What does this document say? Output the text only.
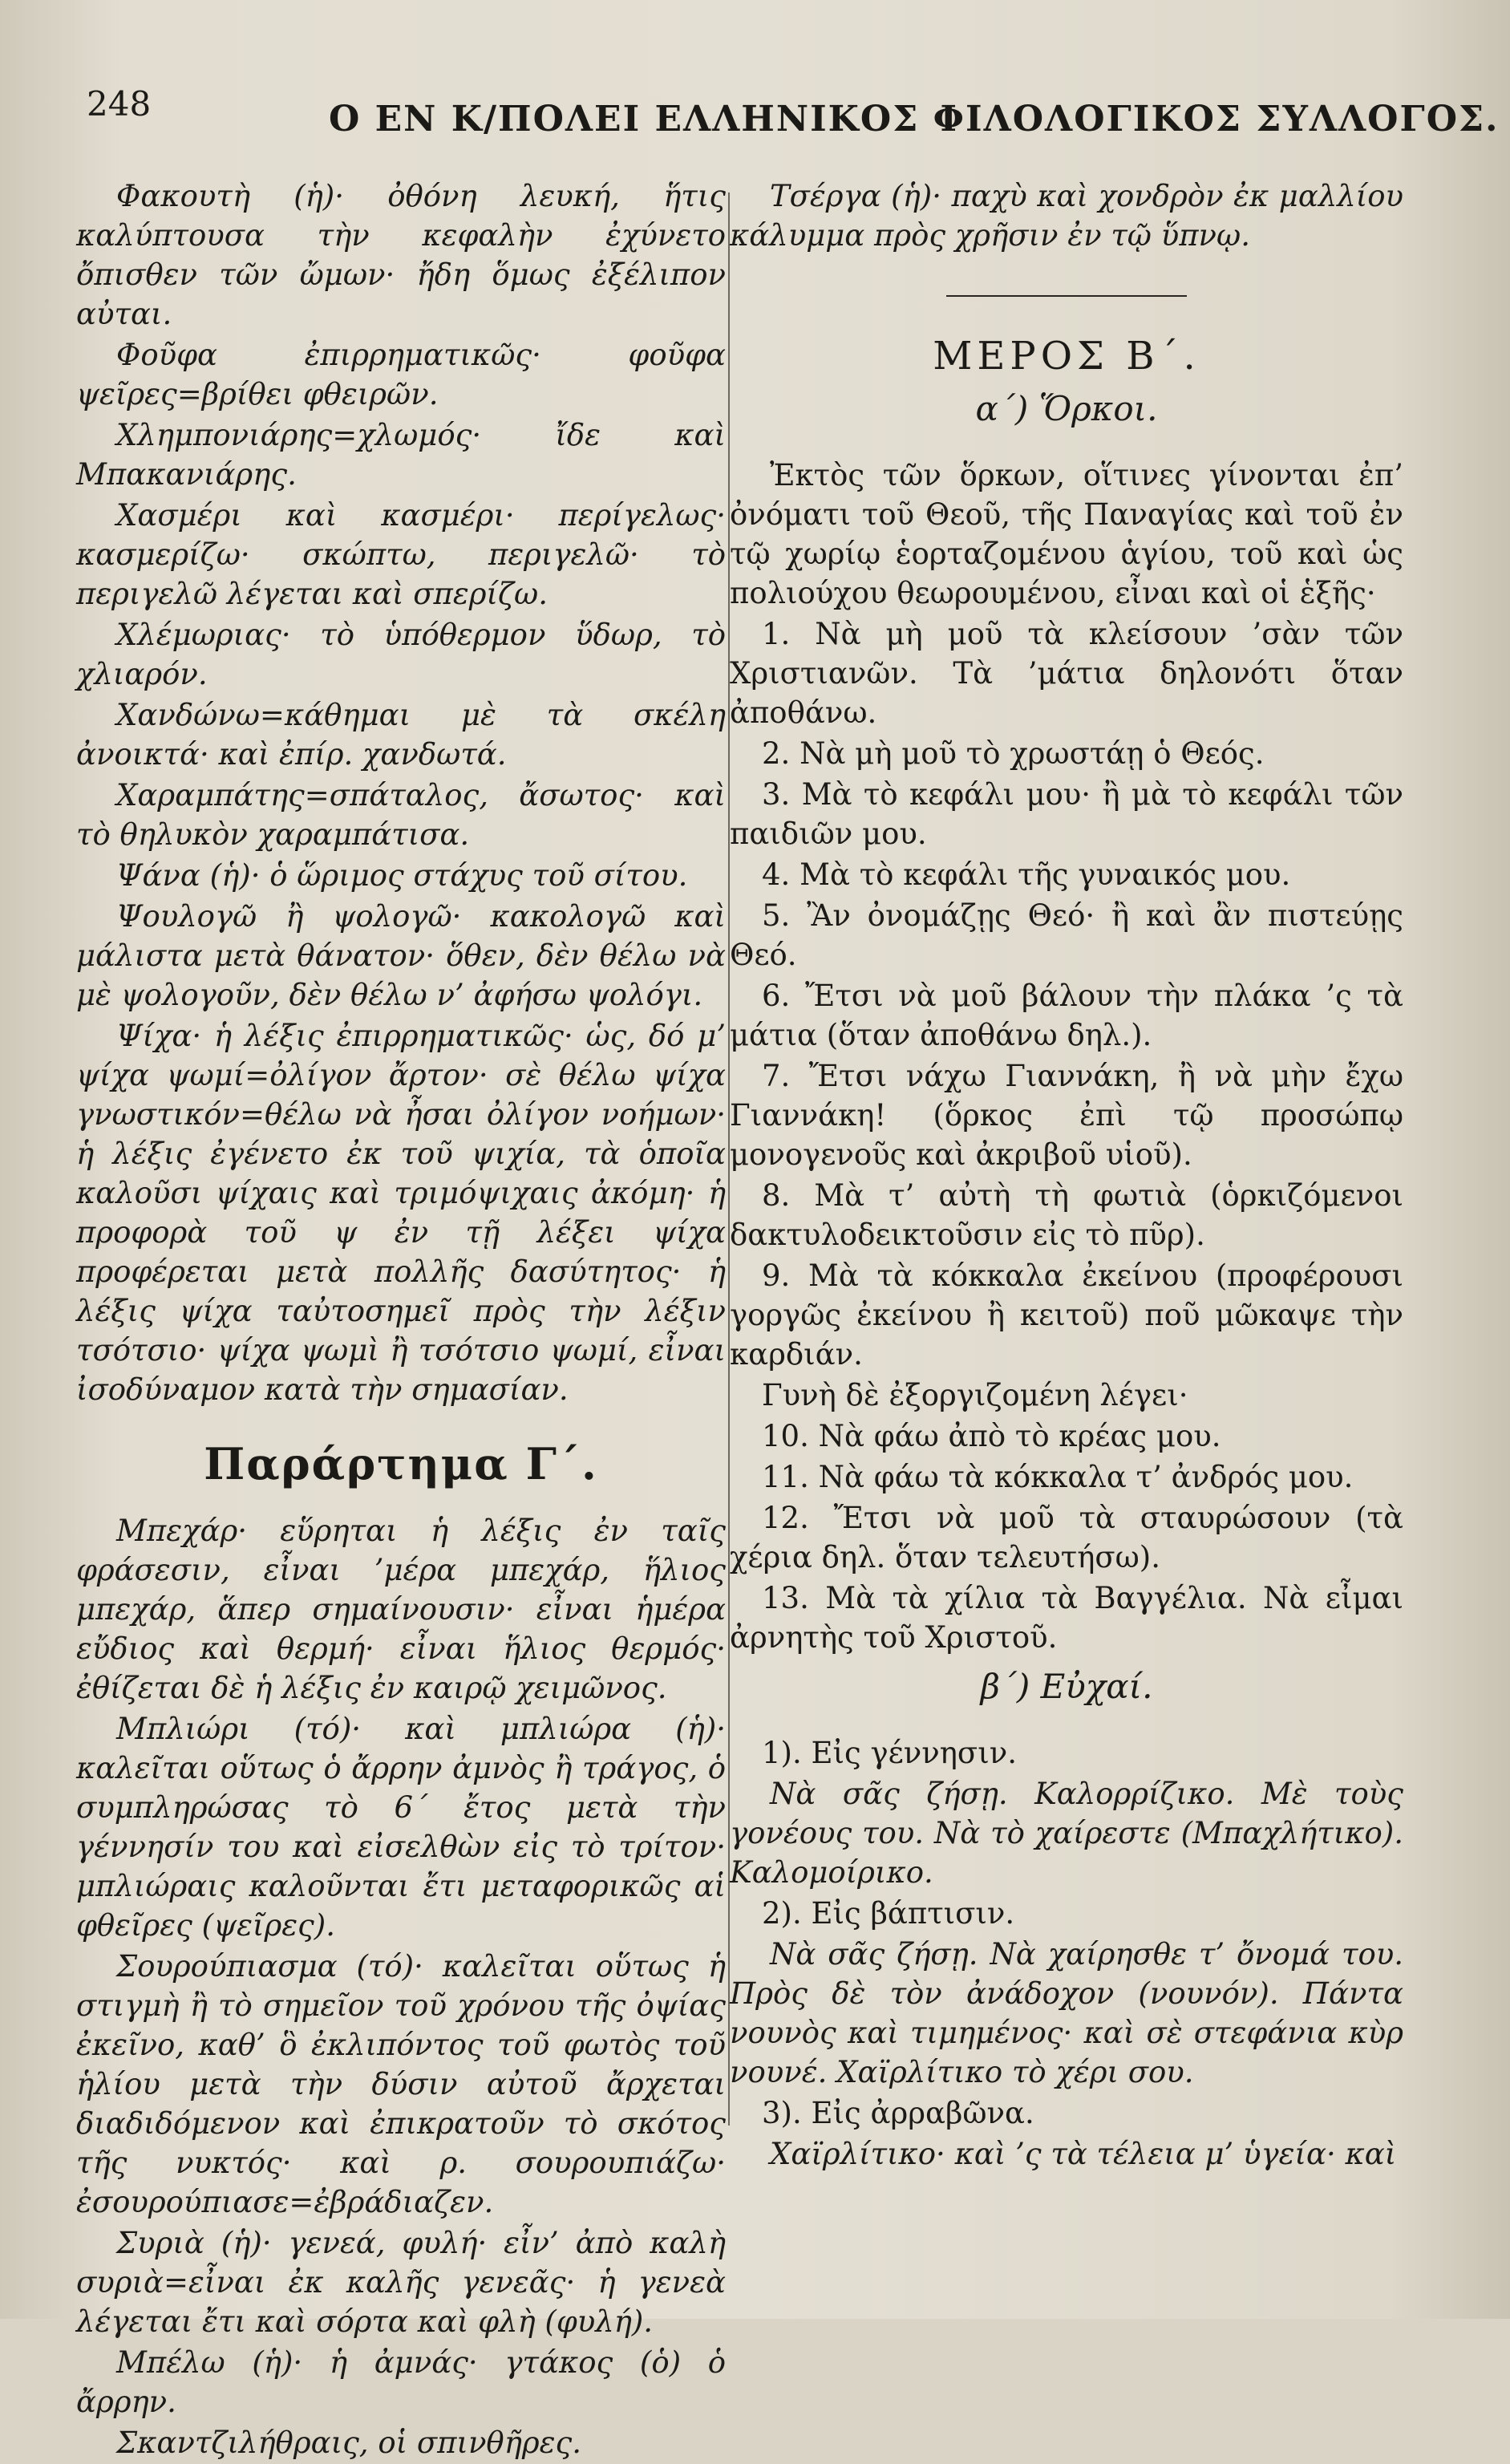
248	Ο ΕΝ Κ/ΠΟΛΕΙ ΕΛΛΗΝΙΚΟΣ ΦΙΛΟΛΟΓΙΚΟΣ ΣΥΛΛΟΓΟΣ.

Φακουτὴ (ἡ)· ὀθόνη λευκή, ἥτις καλύπτουσα τὴν κεφαλὴν ἐχύνετο ὄπισθεν τῶν ὤμων· ἤδη ὅμως ἐξέλιπον αὐται.

Φοῦφα ἐπιρρηματικῶς· φοῦφα ψεῖρες=βρίθει φθειρῶν.

Χλημπονιάρης=χλωμός· ἴδε καὶ Μπακανιάρης.

Χασμέρι καὶ κασμέρι· περίγελως· κασμερίζω· σκώπτω, περιγελῶ· τὸ περιγελῶ λέγεται καὶ σπερίζω.

Χλέμωριας· τὸ ὑπόθερμον ὕδωρ, τὸ χλιαρόν.

Χανδώνω=κάθημαι μὲ τὰ σκέλη ἀνοικτά· καὶ ἐπίρ. χανδωτά.

Χαραμπάτης=σπάταλος, ἄσωτος· καὶ τὸ θηλυκὸν χαραμπάτισα.

Ψάνα (ἡ)· ὁ ὥριμος στάχυς τοῦ σίτου.

Ψουλογῶ ἢ ψολογῶ· κακολογῶ καὶ μάλιστα μετὰ θάνατον· ὅθεν, δὲν θέλω νὰ μὲ ψολογοῦν, δὲν θέλω ν’ ἀφήσω ψολόγι.

Ψίχα· ἡ λέξις ἐπιρρηματικῶς· ὡς, δό μ’ ψίχα ψωμί=ὀλίγον ἄρτον· σὲ θέλω ψίχα γνωστικόν=θέλω νὰ ἦσαι ὀλίγον νοήμων· ἡ λέξις ἐγένετο ἐκ τοῦ ψιχία, τὰ ὁποῖα καλοῦσι ψίχαις καὶ τριμόψιχαις ἀκόμη· ἡ προφορὰ τοῦ ψ ἐν τῇ λέξει ψίχα προφέρεται μετὰ πολλῆς δασύτητος· ἡ λέξις ψίχα ταὐτοσημεῖ πρὸς τὴν λέξιν τσότσιο· ψίχα ψωμὶ ἢ τσότσιο ψωμί, εἶναι ἰσοδύναμον κατὰ τὴν σημασίαν.

Παράρτημα Γ΄.

Μπεχάρ· εὕρηται ἡ λέξις ἐν ταῖς φράσεσιν, εἶναι ’μέρα μπεχάρ, ἥλιος μπεχάρ, ἅπερ σημαίνουσιν· εἶναι ἡμέρα εὔδιος καὶ θερμή· εἶναι ἥλιος θερμός· ἐθίζεται δὲ ἡ λέξις ἐν καιρῷ χειμῶνος.

Μπλιώρι (τό)· καὶ μπλιώρα (ἡ)· καλεῖται οὕτως ὁ ἄρρην ἀμνὸς ἢ τράγος, ὁ συμπληρώσας τὸ 6΄ ἔτος μετὰ τὴν γέννησίν του καὶ εἰσελθὼν εἰς τὸ τρίτον· μπλιώραις καλοῦνται ἔτι μεταφορικῶς αἱ φθεῖρες (ψεῖρες).

Σουρούπιασμα (τό)· καλεῖται οὕτως ἡ στιγμὴ ἢ τὸ σημεῖον τοῦ χρόνου τῆς ὀψίας ἐκεῖνο, καθ’ ὃ ἐκλιπόντος τοῦ φωτὸς τοῦ ἡλίου μετὰ τὴν δύσιν αὐτοῦ ἄρχεται διαδιδόμενον καὶ ἐπικρατοῦν τὸ σκότος τῆς νυκτός· καὶ ρ. σουρουπιάζω· ἐσουρούπιασε=ἐβράδιαζεν.

Συριὰ (ἡ)· γενεά, φυλή· εἶν’ ἀπὸ καλὴ συριὰ=εἶναι ἐκ καλῆς γενεᾶς· ἡ γενεὰ λέγεται ἔτι καὶ σόρτα καὶ φλὴ (φυλή).

Μπέλω (ἡ)· ἡ ἀμνάς· γτάκος (ὁ) ὁ ἄρρην.

Σκαντζιλήθραις, οἱ σπινθῆρες.

Τσέργα (ἡ)· παχὺ καὶ χονδρὸν ἐκ μαλλίου κάλυμμα πρὸς χρῆσιν ἐν τῷ ὕπνῳ.

ΜΕΡΟΣ Β΄.
α΄) Ὅρκοι.

Ἐκτὸς τῶν ὅρκων, οἵτινες γίνονται ἐπ’ ὀνόματι τοῦ Θεοῦ, τῆς Παναγίας καὶ τοῦ ἐν τῷ χωρίῳ ἑορταζομένου ἁγίου, τοῦ καὶ ὡς πολιούχου θεωρουμένου, εἶναι καὶ οἱ ἑξῆς·

1. Νὰ μὴ μοῦ τὰ κλείσουν ’σὰν τῶν Χριστιανῶν. Τὰ ’μάτια δηλονότι ὅταν ἀποθάνω.

2. Νὰ μὴ μοῦ τὸ χρωστάῃ ὁ Θεός.

3. Μὰ τὸ κεφάλι μου· ἢ μὰ τὸ κεφάλι τῶν παιδιῶν μου.

4. Μὰ τὸ κεφάλι τῆς γυναικός μου.

5. Ἂν ὀνομάζῃς Θεό· ἢ καὶ ἂν πιστεύῃς Θεό.

6. Ἔτσι νὰ μοῦ βάλουν τὴν πλάκα ’ς τὰ μάτια (ὅταν ἀποθάνω δηλ.).

7. Ἔτσι νάχω Γιαννάκη, ἢ νὰ μὴν ἔχω Γιαννάκη! (ὅρκος ἐπὶ τῷ προσώπῳ μονογενοῦς καὶ ἀκριβοῦ υἱοῦ).

8. Μὰ τ’ αὐτὴ τὴ φωτιὰ (ὁρκιζόμενοι δακτυλοδεικτοῦσιν εἰς τὸ πῦρ).

9. Μὰ τὰ κόκκαλα ἐκείνου (προφέρουσι γοργῶς ἐκείνου ἢ κειτοῦ) ποῦ μῶκαψε τὴν καρδιάν.

Γυνὴ δὲ ἐξοργιζομένη λέγει·

10. Νὰ φάω ἀπὸ τὸ κρέας μου.

11. Νὰ φάω τὰ κόκκαλα τ’ ἀνδρός μου.

12. Ἔτσι νὰ μοῦ τὰ σταυρώσουν (τὰ χέρια δηλ. ὅταν τελευτήσω).

13. Μὰ τὰ χίλια τὰ Βαγγέλια. Νὰ εἶμαι ἀρνητὴς τοῦ Χριστοῦ.

β΄) Εὐχαί.

1). Εἰς γέννησιν.

Νὰ σᾶς ζήσῃ. Καλορρίζικο. Μὲ τοὺς γονέους του. Νὰ τὸ χαίρεστε (Μπαχλήτικο). Καλομοίρικο.

2). Εἰς βάπτισιν.

Νὰ σᾶς ζήσῃ. Νὰ χαίρησθε τ’ ὄνομά του. Πρὸς δὲ τὸν ἀνάδοχον (νουνόν). Πάντα νουνὸς καὶ τιμημένος· καὶ σὲ στεφάνια κὺρ νουνέ. Χαϊρλίτικο τὸ χέρι σου.

3). Εἰς ἀρραβῶνα.

Χαϊρλίτικο· καὶ ’ς τὰ τέλεια μ’ ὑγεία· καὶ
